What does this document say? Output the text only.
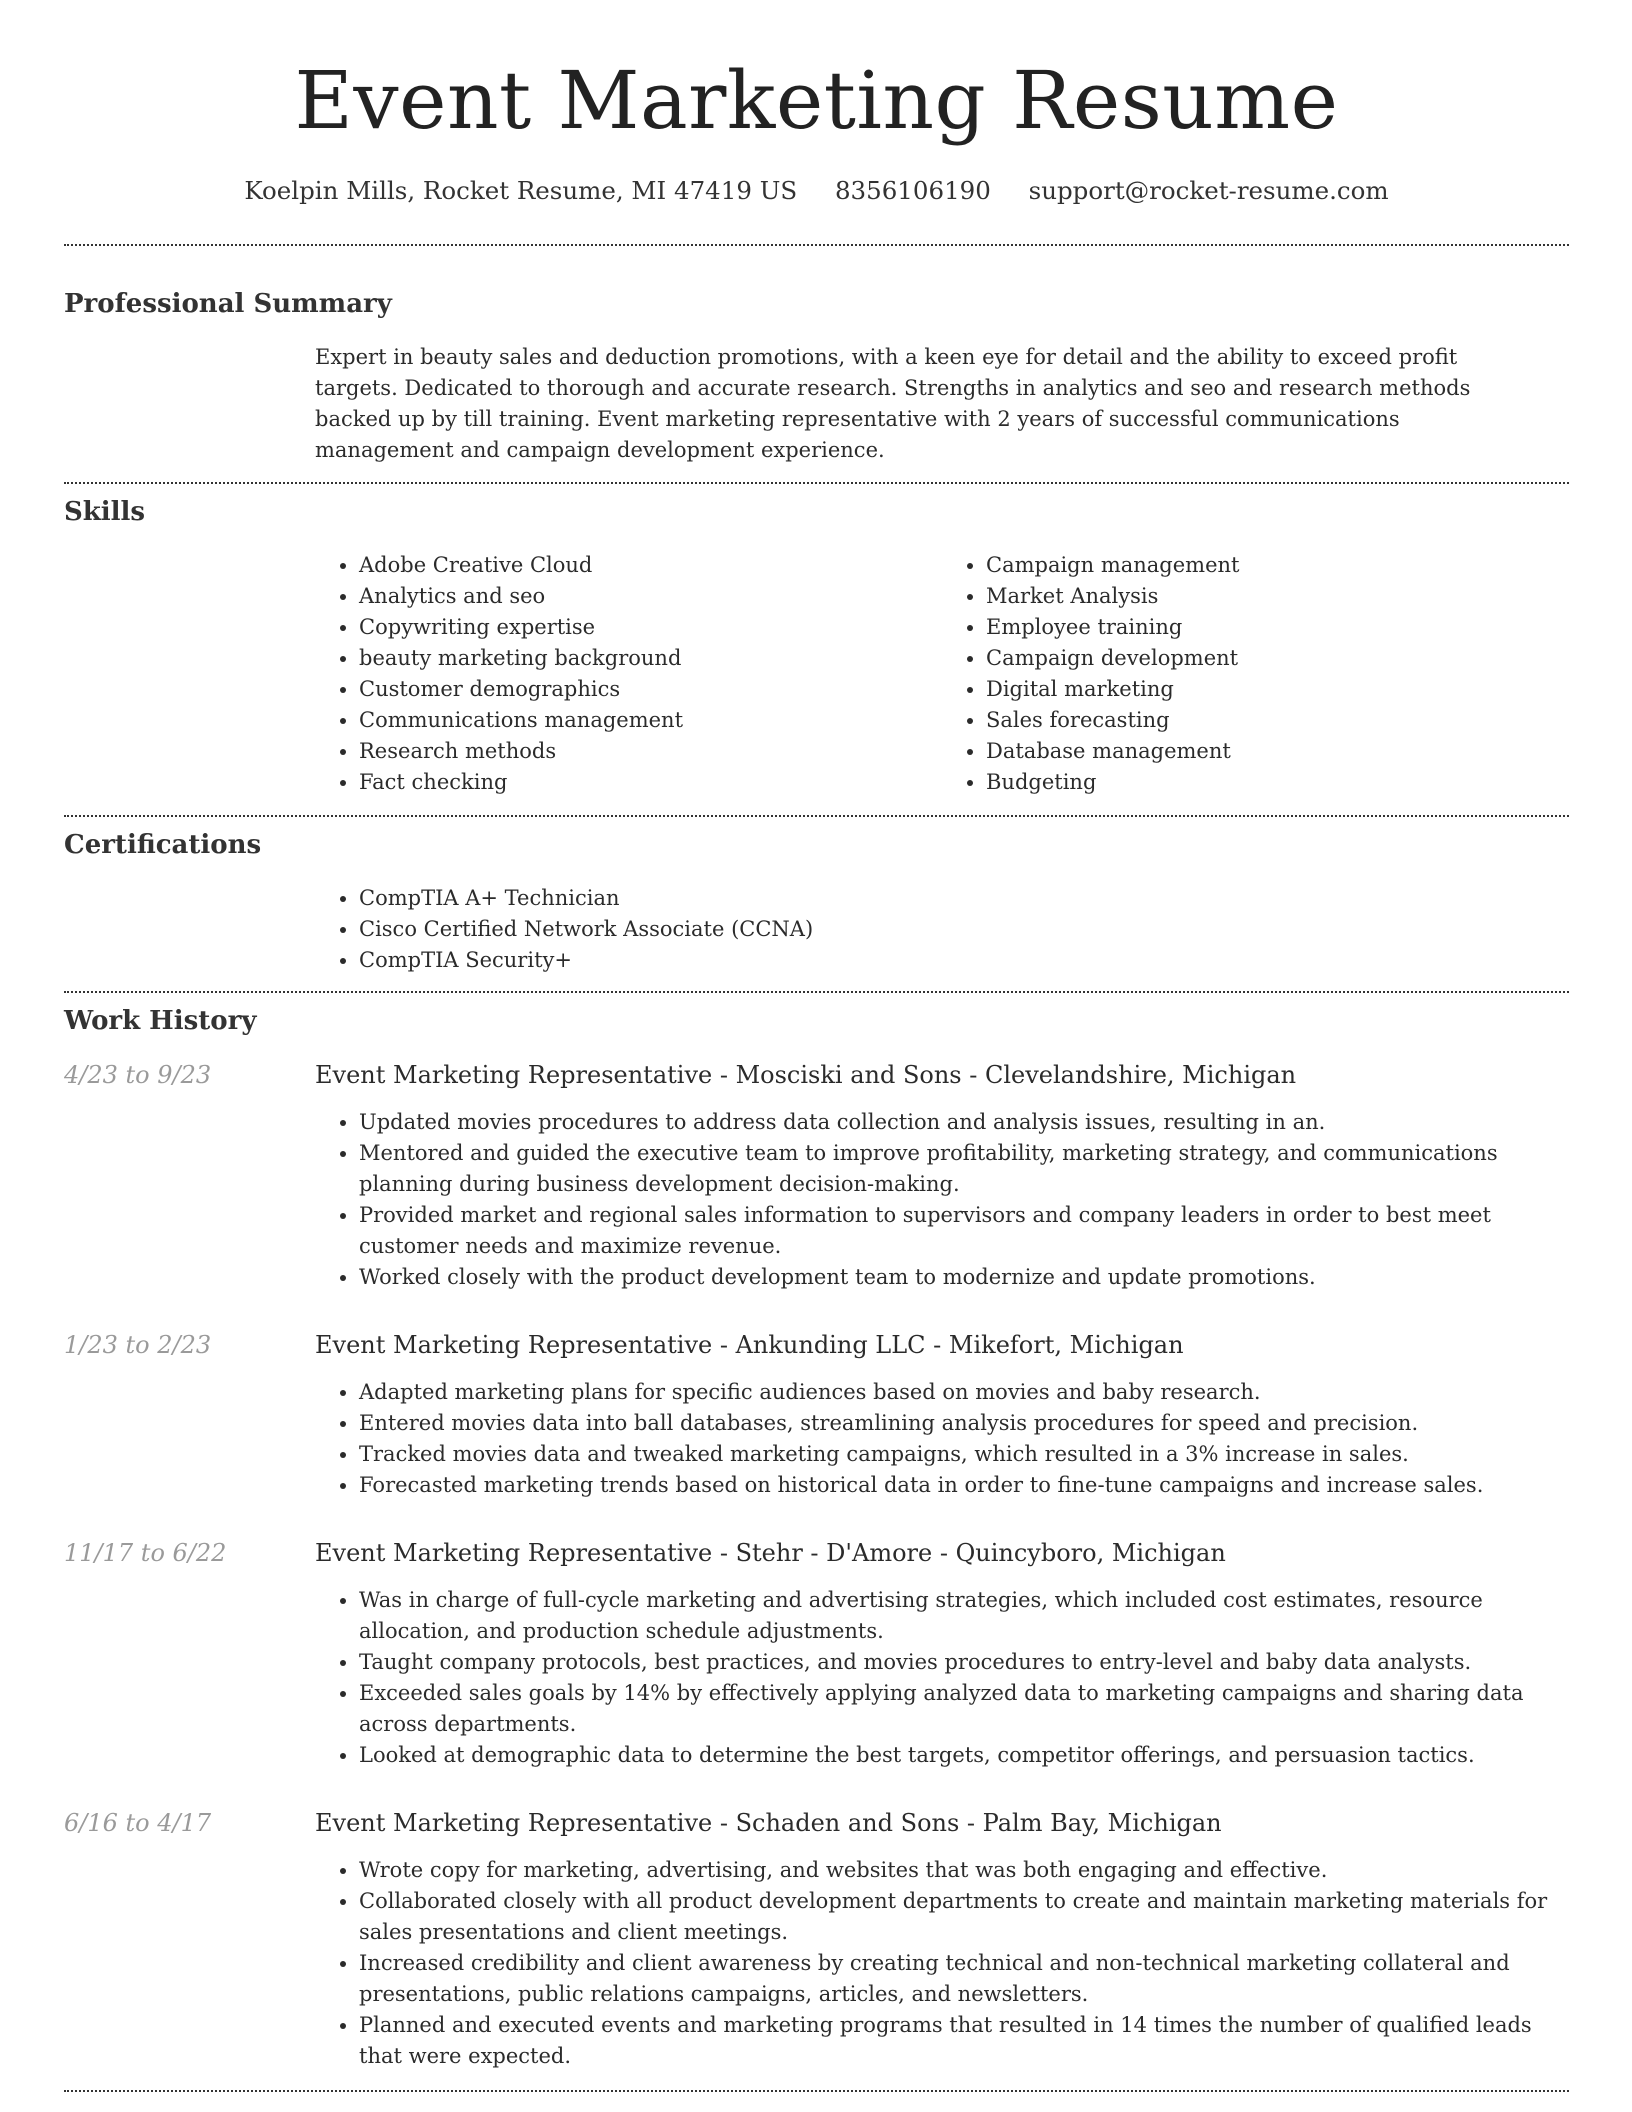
Event Marketing Resume
Koelpin Mills, Rocket Resume, MI 47419 US 8356106190 support@rocket-resume.com
Professional Summary
Expert in beauty sales and deduction promotions, with a keen eye for detail and the ability to exceed profit targets. Dedicated to thorough and accurate research. Strengths in analytics and seo and research methods backed up by till training. Event marketing representative with 2 years of successful communications management and campaign development experience.
Skills
• Adobe Creative Cloud
• Analytics and seo
• Copywriting expertise
• beauty marketing background
• Customer demographics
• Communications management
• Research methods
• Fact checking
• Campaign management
• Market Analysis
• Employee training
• Campaign development
• Digital marketing
• Sales forecasting
• Database management
• Budgeting
Certifications
• CompTIA A+ Technician
• Cisco Certified Network Associate (CCNA)
• CompTIA Security+
Work History
4/23 to 9/23	Event Marketing Representative - Mosciski and Sons - Clevelandshire, Michigan
• Updated movies procedures to address data collection and analysis issues, resulting in an.
• Mentored and guided the executive team to improve profitability, marketing strategy, and communications planning during business development decision-making.
• Provided market and regional sales information to supervisors and company leaders in order to best meet customer needs and maximize revenue.
• Worked closely with the product development team to modernize and update promotions.
1/23 to 2/23	Event Marketing Representative - Ankunding LLC - Mikefort, Michigan
• Adapted marketing plans for specific audiences based on movies and baby research.
• Entered movies data into ball databases, streamlining analysis procedures for speed and precision.
• Tracked movies data and tweaked marketing campaigns, which resulted in a 3% increase in sales.
• Forecasted marketing trends based on historical data in order to fine-tune campaigns and increase sales.
11/17 to 6/22	Event Marketing Representative - Stehr - D'Amore - Quincyboro, Michigan
• Was in charge of full-cycle marketing and advertising strategies, which included cost estimates, resource allocation, and production schedule adjustments.
• Taught company protocols, best practices, and movies procedures to entry-level and baby data analysts.
• Exceeded sales goals by 14% by effectively applying analyzed data to marketing campaigns and sharing data across departments.
• Looked at demographic data to determine the best targets, competitor offerings, and persuasion tactics.
6/16 to 4/17	Event Marketing Representative - Schaden and Sons - Palm Bay, Michigan
• Wrote copy for marketing, advertising, and websites that was both engaging and effective.
• Collaborated closely with all product development departments to create and maintain marketing materials for sales presentations and client meetings.
• Increased credibility and client awareness by creating technical and non-technical marketing collateral and presentations, public relations campaigns, articles, and newsletters.
• Planned and executed events and marketing programs that resulted in 14 times the number of qualified leads that were expected.
